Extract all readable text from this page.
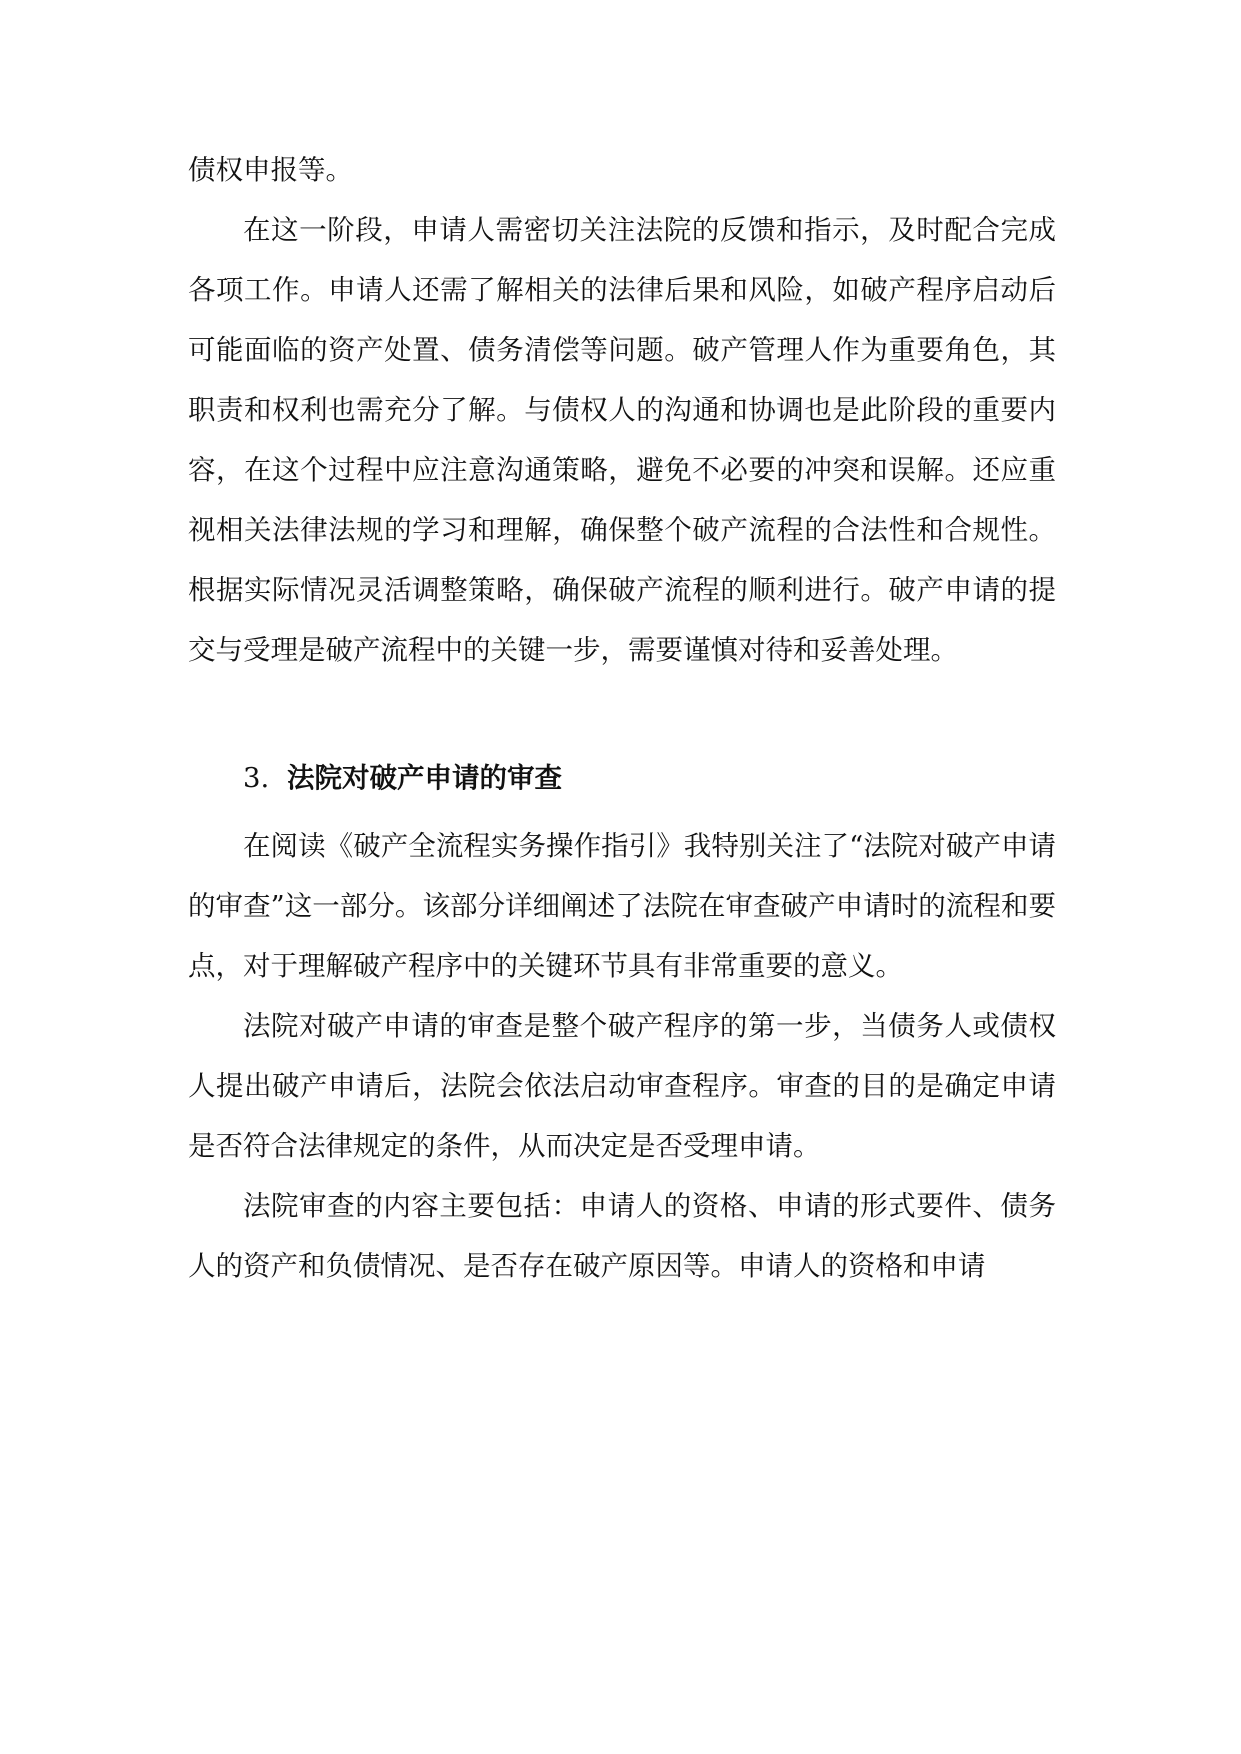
债权申报等。

在这一阶段，申请人需密切关注法院的反馈和指示，及时配合完成各项工作。申请人还需了解相关的法律后果和风险，如破产程序启动后可能面临的资产处置、债务清偿等问题。破产管理人作为重要角色，其职责和权利也需充分了解。与债权人的沟通和协调也是此阶段的重要内容，在这个过程中应注意沟通策略，避免不必要的冲突和误解。还应重视相关法律法规的学习和理解，确保整个破产流程的合法性和合规性。根据实际情况灵活调整策略，确保破产流程的顺利进行。破产申请的提交与受理是破产流程中的关键一步，需要谨慎对待和妥善处理。

3. 法院对破产申请的审查

在阅读《破产全流程实务操作指引》我特别关注了“法院对破产申请的审查”这一部分。该部分详细阐述了法院在审查破产申请时的流程和要点，对于理解破产程序中的关键环节具有非常重要的意义。

法院对破产申请的审查是整个破产程序的第一步，当债务人或债权人提出破产申请后，法院会依法启动审查程序。审查的目的是确定申请是否符合法律规定的条件，从而决定是否受理申请。

法院审查的内容主要包括：申请人的资格、申请的形式要件、债务人的资产和负债情况、是否存在破产原因等。申请人的资格和申请
